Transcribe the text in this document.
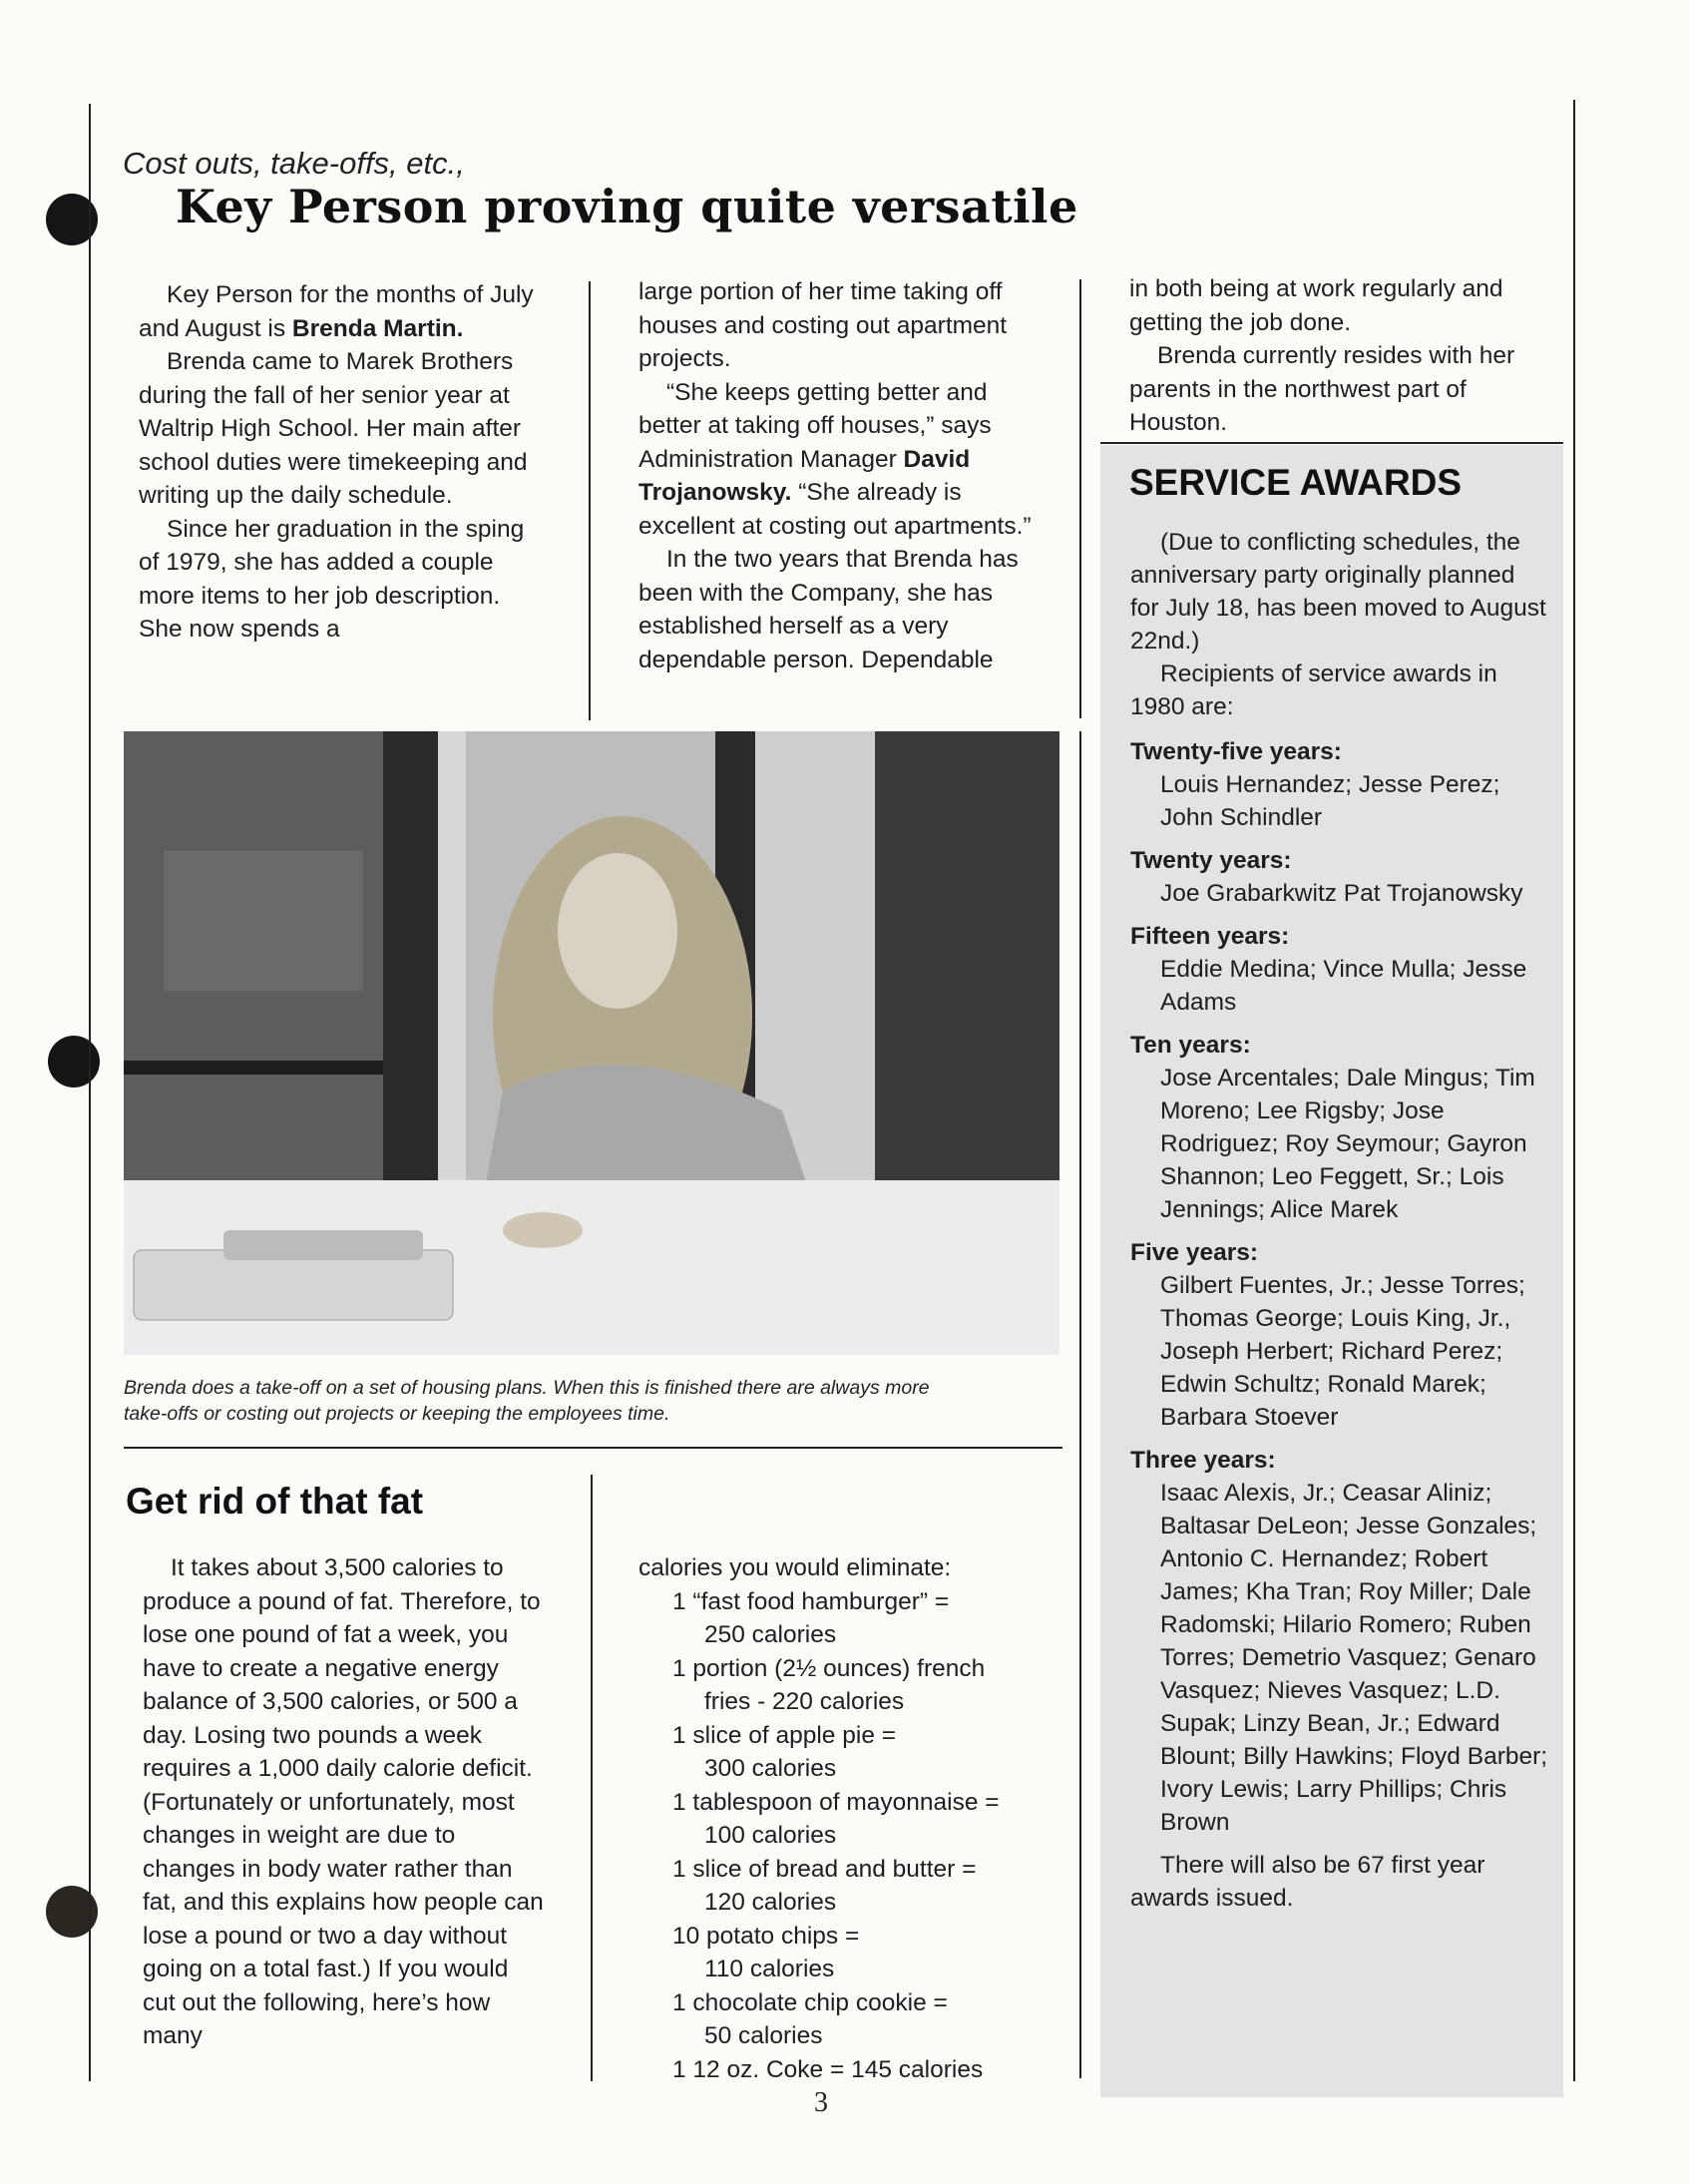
Cost outs, take-offs, etc.,
Key Person proving quite versatile

Key Person for the months of July and August is Brenda Martin.

Brenda came to Marek Brothers during the fall of her senior year at Waltrip High School. Her main after school duties were timekeeping and writing up the daily schedule.

Since her graduation in the sping of 1979, she has added a couple more items to her job description. She now spends a

large portion of her time taking off houses and costing out apartment projects.

“She keeps getting better and better at taking off houses,” says Administration Manager David Trojanowsky. “She already is excellent at costing out apartments.”

In the two years that Brenda has been with the Company, she has established herself as a very dependable person. Dependable

in both being at work regularly and getting the job done.

Brenda currently resides with her parents in the northwest part of Houston.

Brenda does a take-off on a set of housing plans. When this is finished there are always more
take-offs or costing out projects or keeping the employees time.
Get rid of that fat

It takes about 3,500 calories to produce a pound of fat. Therefore, to lose one pound of fat a week, you have to create a negative energy balance of 3,500 calories, or 500 a day. Losing two pounds a week requires a 1,000 daily calorie deficit. (Fortunately or unfortunately, most changes in weight are due to changes in body water rather than fat, and this explains how people can lose a pound or two a day without going on a total fast.) If you would cut out the following, here’s how many

calories you would eliminate:

1 “fast food hamburger” =
250 calories
1 portion (2½ ounces) french
fries - 220 calories
1 slice of apple pie =
300 calories
1 tablespoon of mayonnaise =
100 calories
1 slice of bread and butter =
120 calories
10 potato chips =
110 calories
1 chocolate chip cookie =
50 calories
1 12 oz. Coke = 145 calories
SERVICE AWARDS

(Due to conflicting schedules, the anniversary party originally planned for July 18, has been moved to August 22nd.)

Recipients of service awards in 1980 are:

Twenty-five years:
Louis Hernandez; Jesse Perez; John Schindler
Twenty years:
Joe Grabarkwitz Pat Trojanowsky
Fifteen years:
Eddie Medina; Vince Mulla; Jesse Adams
Ten years:
Jose Arcentales; Dale Mingus; Tim Moreno; Lee Rigsby; Jose Rodriguez; Roy Seymour; Gayron Shannon; Leo Feggett, Sr.; Lois Jennings; Alice Marek
Five years:
Gilbert Fuentes, Jr.; Jesse Torres; Thomas George; Louis King, Jr., Joseph Herbert; Richard Perez; Edwin Schultz; Ronald Marek; Barbara Stoever
Three years:
Isaac Alexis, Jr.; Ceasar Aliniz; Baltasar DeLeon; Jesse Gonzales; Antonio C. Hernandez; Robert James; Kha Tran; Roy Miller; Dale Radomski; Hilario Romero; Ruben Torres; Demetrio Vasquez; Genaro Vasquez; Nieves Vasquez; L.D. Supak; Linzy Bean, Jr.; Edward Blount; Billy Hawkins; Floyd Barber; Ivory Lewis; Larry Phillips; Chris Brown

There will also be 67 first year awards issued.

3
